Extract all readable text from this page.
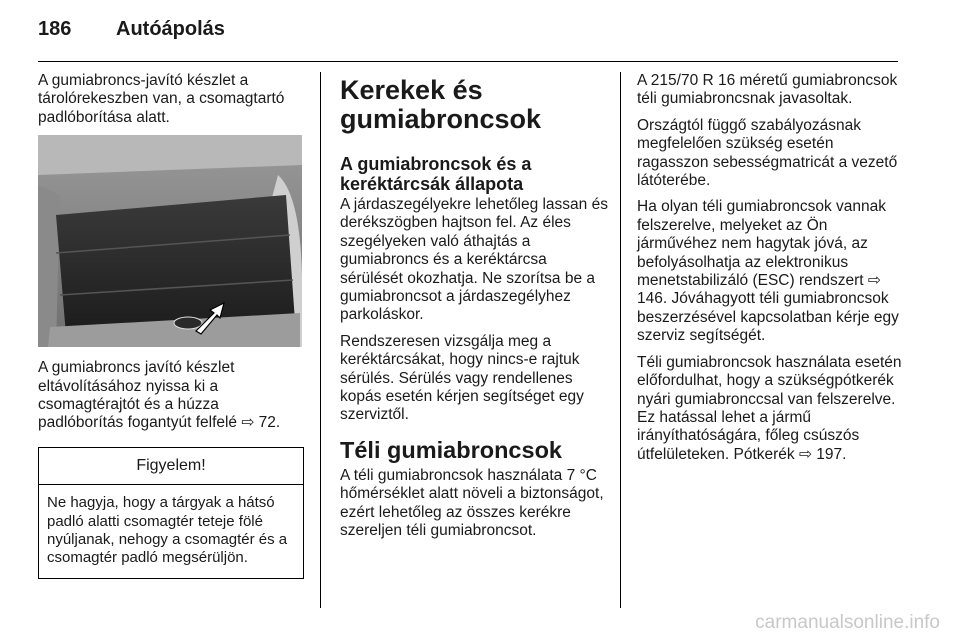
186 Autóápolás

A gumiabroncs-javító készlet a tárolórekeszben van, a csomagtartó padlóborítása alatt.

A gumiabroncs javító készlet eltávolításához nyissa ki a csomagtérajtót és a húzza padlóborítás fogantyút felfelé ⇨ 72.

Figyelem!
Ne hagyja, hogy a tárgyak a hátsó padló alatti csomagtér teteje fölé nyúljanak, nehogy a csomagtér és a csomagtér padló megsérüljön.
Kerekek és gumiabroncsok
A gumiabroncsok és a keréktárcsák állapota

A járdaszegélyekre lehetőleg lassan és derékszögben hajtson fel. Az éles szegélyeken való áthajtás a gumiabroncs és a keréktárcsa sérülését okozhatja. Ne szorítsa be a gumiabroncsot a járdaszegélyhez parkoláskor.

Rendszeresen vizsgálja meg a keréktárcsákat, hogy nincs-e rajtuk sérülés. Sérülés vagy rendellenes kopás esetén kérjen segítséget egy szerviztől.

Téli gumiabroncsok

A téli gumiabroncsok használata 7 °C hőmérséklet alatt növeli a biztonságot, ezért lehetőleg az összes kerékre szereljen téli gumiabroncsot.

A 215/70 R 16 méretű gumiabroncsok téli gumiabroncsnak javasoltak.

Országtól függő szabályozásnak megfelelően szükség esetén ragasszon sebességmatricát a vezető látóterébe.

Ha olyan téli gumiabroncsok vannak felszerelve, melyeket az Ön járművéhez nem hagytak jóvá, az befolyásolhatja az elektronikus menetstabilizáló (ESC) rendszert ⇨ 146. Jóváhagyott téli gumiabroncsok beszerzésével kapcsolatban kérje egy szerviz segítségét.

Téli gumiabroncsok használata esetén előfordulhat, hogy a szükségpótkerék nyári gumiabronccsal van felszerelve. Ez hatással lehet a jármű irányíthatóságára, főleg csúszós útfelületeken. Pótkerék ⇨ 197.

carmanualsonline.info
